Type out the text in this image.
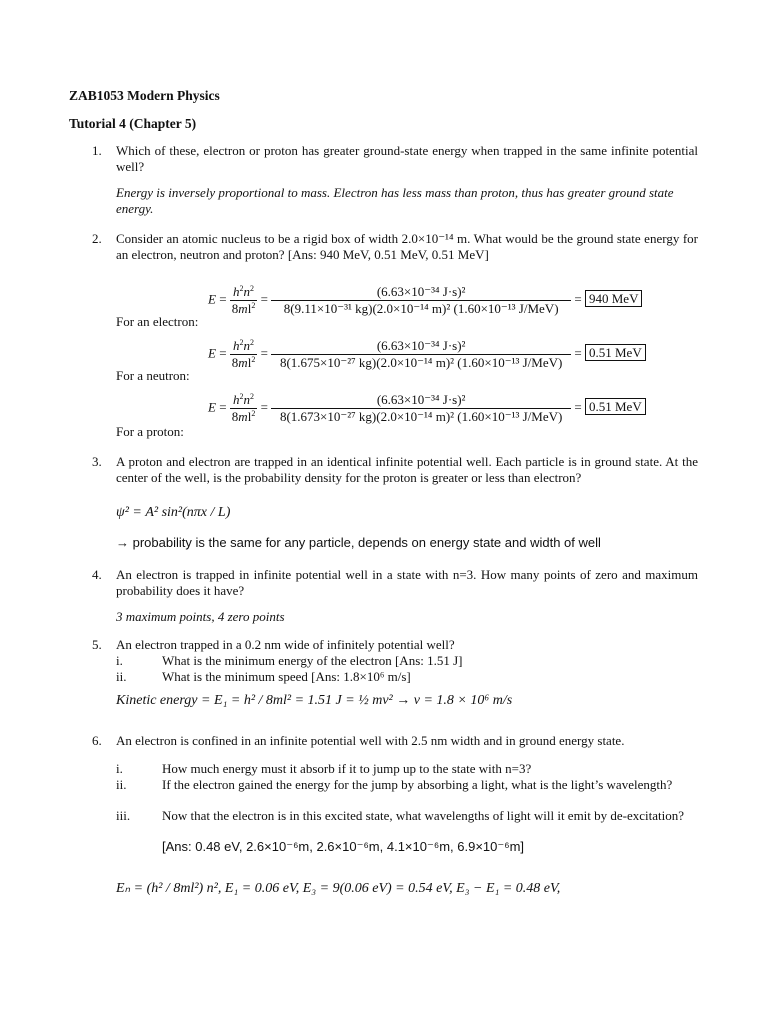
ZAB1053 Modern Physics
Tutorial 4 (Chapter 5)
1.	Which of these, electron or proton has greater ground-state energy when trapped in the same infinite potential well?
Energy is inversely proportional to mass. Electron has less mass than proton, thus has greater ground state energy.
2.	Consider an atomic nucleus to be a rigid box of width 2.0×10⁻¹⁴ m. What would be the ground state energy for an electron, neutron and proton? [Ans: 940 MeV, 0.51 MeV, 0.51 MeV]
For an electron:
$E = \frac{h^2n^2}{8ml^2} = \frac{\text{(6.63×10⁻³⁴ J·s)²}}{\text{8(9.11×10⁻³¹ kg)(2.0×10⁻¹⁴ m)² (1.60×10⁻¹³ J/MeV)}} = 940$ MeV
For a neutron:
$E = \frac{h^2n^2}{8ml^2} = \frac{\text{(6.63×10⁻³⁴ J·s)²}}{\text{8(1.675×10⁻²⁷ kg)(2.0×10⁻¹⁴ m)² (1.60×10⁻¹³ J/MeV)}} = 0.51$ MeV
For a proton:
$E = \frac{h^2n^2}{8ml^2} = \frac{\text{(6.63×10⁻³⁴ J·s)²}}{\text{8(1.673×10⁻²⁷ kg)(2.0×10⁻¹⁴ m)² (1.60×10⁻¹³ J/MeV)}} = 0.51$ MeV
3.	A proton and electron are trapped in an identical infinite potential well. Each particle is in ground state. At the center of the well, is the probability density for the proton is greater or less than electron?
ψ² = A² sin²(nπx / L)
→ probability is the same for any particle, depends on energy state and width of well
4.	An electron is trapped in infinite potential well in a state with n=3. How many points of zero and maximum probability does it have?
3 maximum points, 4 zero points
5.	An electron trapped in a 0.2 nm wide of infinitely potential well?
i.	What is the minimum energy of the electron [Ans: 1.51 J]
ii.	What is the minimum speed [Ans: 1.8×10⁶ m/s]
Kinetic energy = E₁ = h² / 8ml² = 1.51 J = ½ mv² → v = 1.8 × 10⁶ m/s
6.	An electron is confined in an infinite potential well with 2.5 nm width and in ground energy state.
i.	How much energy must it absorb if it to jump up to the state with n=3?
ii.	If the electron gained the energy for the jump by absorbing a light, what is the light’s wavelength?
iii.	Now that the electron is in this excited state, what wavelengths of light will it emit by de-excitation?
[Ans: 0.48 eV, 2.6×10⁻⁶m, 2.6×10⁻⁶m, 4.1×10⁻⁶m, 6.9×10⁻⁶m]
Eₙ = (h² / 8ml²) n², E₁ = 0.06 eV, E₃ = 9(0.06 eV) = 0.54 eV, E₃ − E₁ = 0.48 eV,
